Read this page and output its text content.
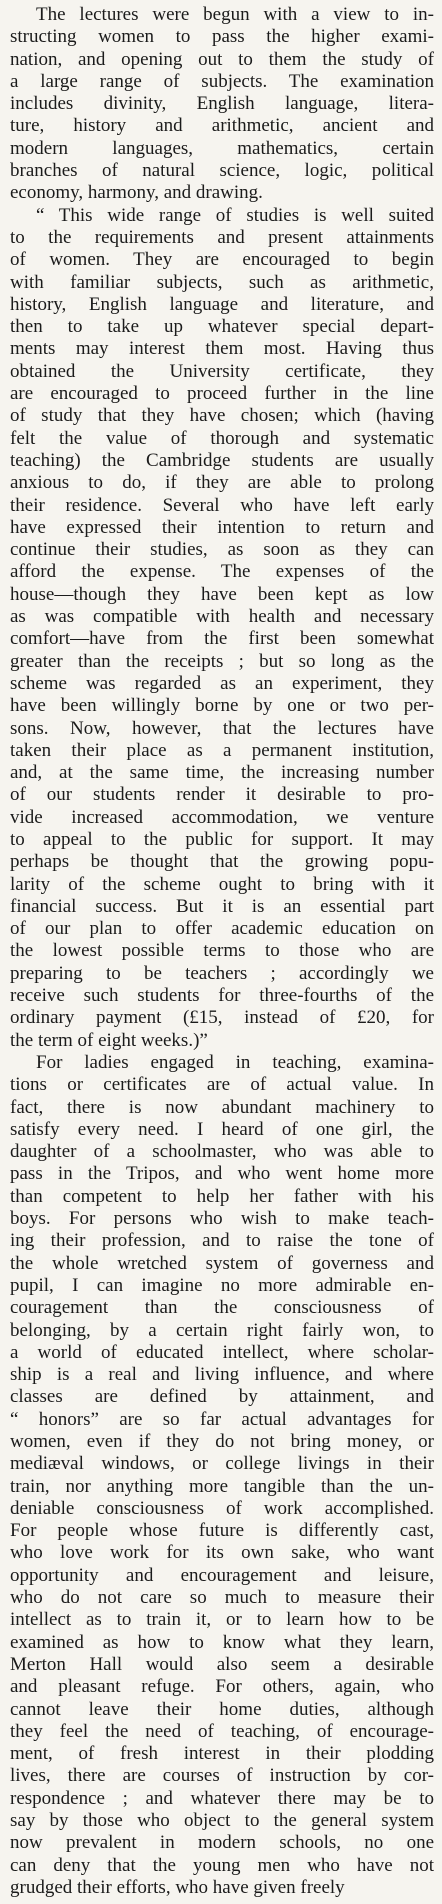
The lectures were begun with a view to in-
structing women to pass the higher exami-
nation, and opening out to them the study of
a large range of subjects. The examination
includes divinity, English language, litera-
ture, history and arithmetic, ancient and
modern languages, mathematics, certain
branches of natural science, logic, political
economy, harmony, and drawing.
“ This wide range of studies is well suited
to the requirements and present attainments
of women. They are encouraged to begin
with familiar subjects, such as arithmetic,
history, English language and literature, and
then to take up whatever special depart-
ments may interest them most. Having thus
obtained the University certificate, they
are encouraged to proceed further in the line
of study that they have chosen; which (having
felt the value of thorough and systematic
teaching) the Cambridge students are usually
anxious to do, if they are able to prolong
their residence. Several who have left early
have expressed their intention to return and
continue their studies, as soon as they can
afford the expense. The expenses of the
house—though they have been kept as low
as was compatible with health and necessary
comfort—have from the first been somewhat
greater than the receipts ; but so long as the
scheme was regarded as an experiment, they
have been willingly borne by one or two per-
sons. Now, however, that the lectures have
taken their place as a permanent institution,
and, at the same time, the increasing number
of our students render it desirable to pro-
vide increased accommodation, we venture
to appeal to the public for support. It may
perhaps be thought that the growing popu-
larity of the scheme ought to bring with it
financial success. But it is an essential part
of our plan to offer academic education on
the lowest possible terms to those who are
preparing to be teachers ; accordingly we
receive such students for three-fourths of the
ordinary payment (£15, instead of £20, for
the term of eight weeks.)”
For ladies engaged in teaching, examina-
tions or certificates are of actual value. In
fact, there is now abundant machinery to
satisfy every need. I heard of one girl, the
daughter of a schoolmaster, who was able to
pass in the Tripos, and who went home more
than competent to help her father with his
boys. For persons who wish to make teach-
ing their profession, and to raise the tone of
the whole wretched system of governess and
pupil, I can imagine no more admirable en-
couragement than the consciousness of
belonging, by a certain right fairly won, to
a world of educated intellect, where scholar-
ship is a real and living influence, and where
classes are defined by attainment, and
“ honors” are so far actual advantages for
women, even if they do not bring money, or
mediæval windows, or college livings in their
train, nor anything more tangible than the un-
deniable consciousness of work accomplished.
For people whose future is differently cast,
who love work for its own sake, who want
opportunity and encouragement and leisure,
who do not care so much to measure their
intellect as to train it, or to learn how to be
examined as how to know what they learn,
Merton Hall would also seem a desirable
and pleasant refuge. For others, again, who
cannot leave their home duties, although
they feel the need of teaching, of encourage-
ment, of fresh interest in their plodding
lives, there are courses of instruction by cor-
respondence ; and whatever there may be to
say by those who object to the general system
now prevalent in modern schools, no one
can deny that the young men who have not
grudged their efforts, who have given freely
